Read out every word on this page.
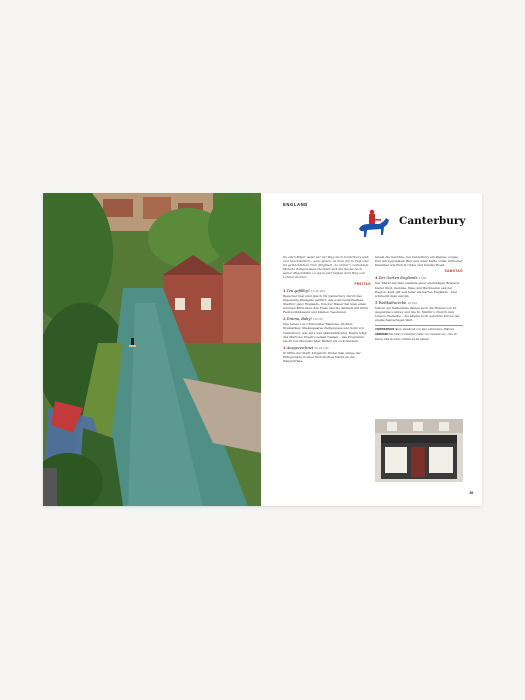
ENGLAND
Canterbury

Im alten Pilger weist nur der Weg nach Canterbury weit und beschwerlich – ganz gleich, ob man ihn zu Fuß oder im gemächlichen Trab (Englisch „to canter“) zurücklegt. Manche Zeitgenossen machten sich die Suche nach seiner Pilgerstätte zu eigen und folgten dem Weg von London hierher.

FREITAG
1 Tea gefällig? 15.30 Uhr

Besucher hier sind gleich für Canterbury durch das imposante Westgate geführt, das wohl besterhaltene Stadttor ganz Englands. Von der Mauer hat man einen schönen Blick über den Fluss und die Altstadt mit ihren Fachwerkhäusern und kleinen Teestuben.

2 Drama, Baby! 18 Uhr

Das Leben von Christopher Marlowe, Dichter, Dramatiker, Shakespeares Zeitgenosse und Sohn von Canterbury, war kurz und skandalträchtig. Heute trägt das Marlowe Theatre seinen Namen – das Programm reicht von Musicals über Ballett bis zu Komödien.

3 Ausgezeichnet 20.45 Uhr

In Mitte der Stadt Kingsbury findet man einige der Höhepunkte in einer historischen Nacht an der Hauptstraße.

hinein die Gerichte, bei Canterbury ein kleines, uriges Pub mit regionalem Bier und einer Karte voller britischer Klassiker wie Fish & Chips und Sunday Roast.

SAMSTAG
4 Der Garten Englands 9 Uhr

Der Markt auf dem Gelände einer ehemaligen Brauerei bietet Obst, Gemüse, Käse und Backwaren aus der Region. Kent gilt seit jeher als Garten Englands – hier schmeckt man warum.

5 Weltkulturerbe 10 Uhr

Neben der Kathedrale zählen auch die Ruinen von St. Augustine’s Abbey und die St. Martin’s Church zum Unesco-Welterbe – die älteste noch genutzte Kirche der englischsprachigen Welt.

VORMERKEN Eine Handvoll mit den schönsten Plätzen
ANZEIGEN Die Cafés in Canterbury laden zum Verweilen ein – hier ein kleines Café am Fluss mit Blick auf die Altstadt.
35
